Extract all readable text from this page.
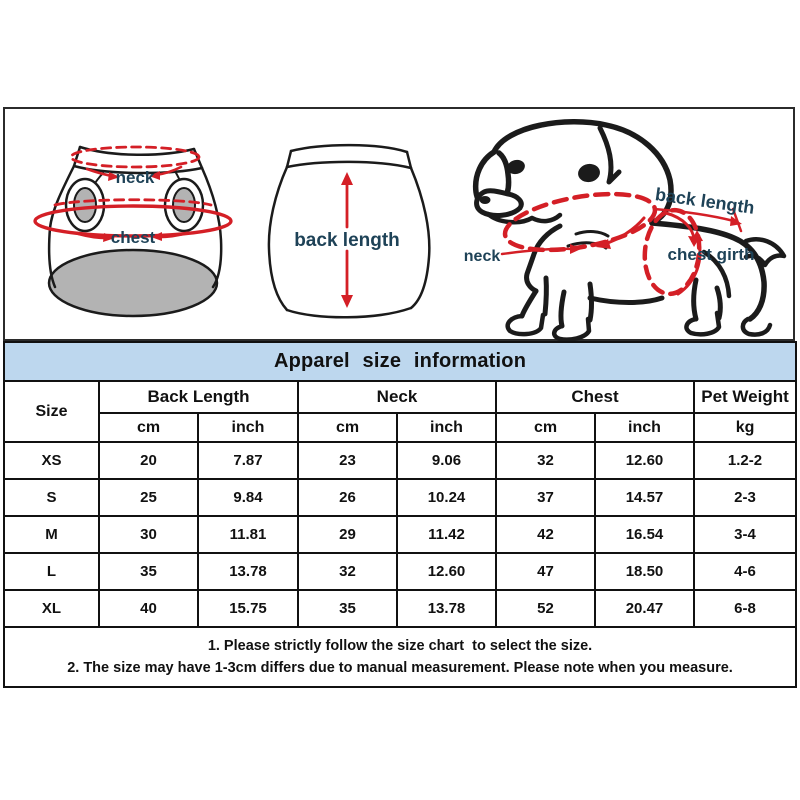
neck
chest	back length
neck
back length
chest girth
Apparel size information							
Size	Back Length		Neck		Chest		Pet Weight
	cm	inch	cm	inch	cm	inch	kg
XS	20	7.87	23	9.06	32	12.60	1.2-2
S	25	9.84	26	10.24	37	14.57	2-3
M	30	11.81	29	11.42	42	16.54	3-4
L	35	13.78	32	12.60	47	18.50	4-6
XL	40	15.75	35	13.78	52	20.47	6-8

1. Please strictly follow the size chart  to select the size.
2. The size may have 1-3cm differs due to manual measurement. Please note when you measure.							
